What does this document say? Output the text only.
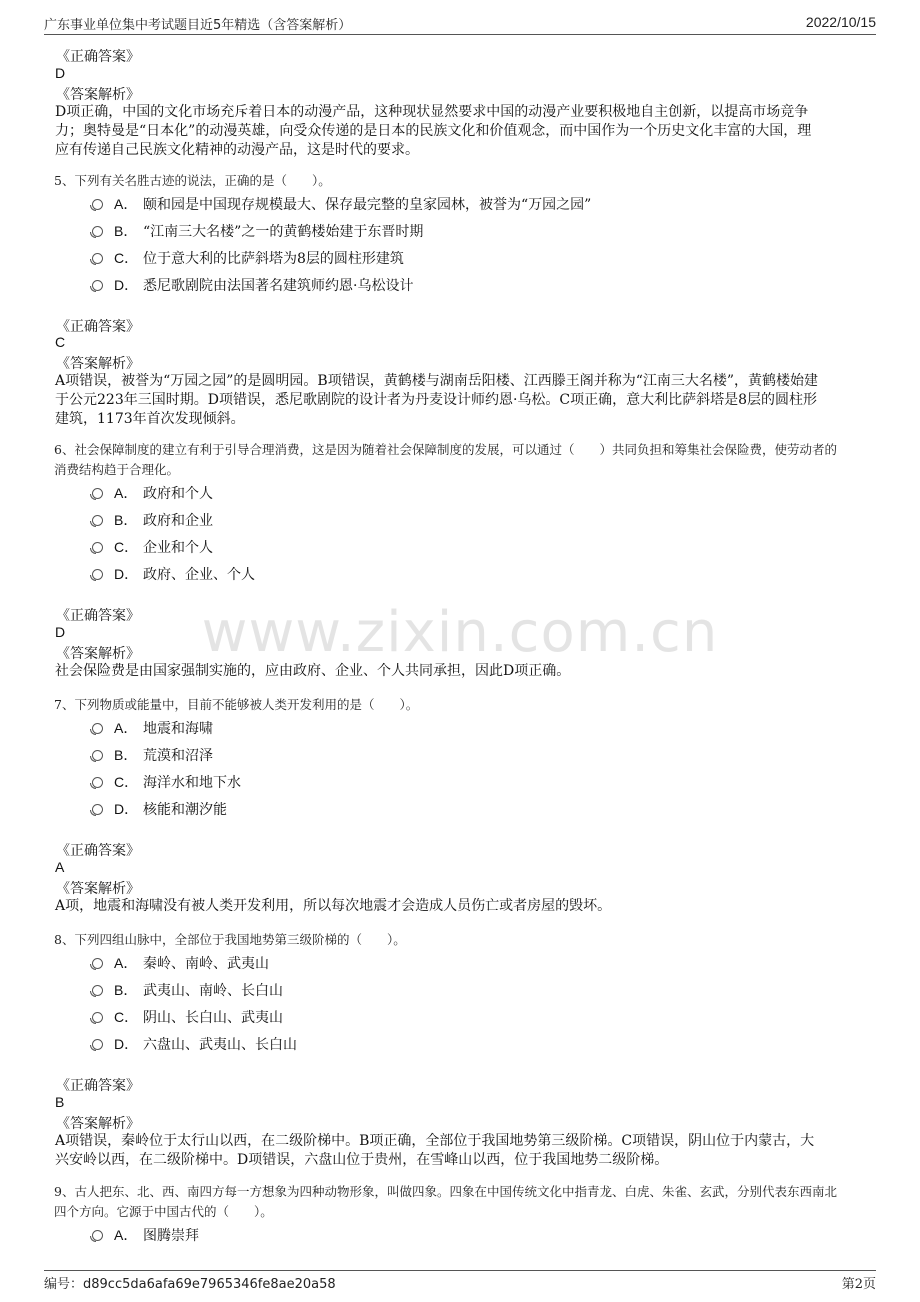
广东事业单位集中考试题目近5年精选（含答案解析）	2022/10/15
www.zixin.com.cn
《正确答案》
D
《答案解析》
D项正确，中国的文化市场充斥着日本的动漫产品，这种现状显然要求中国的动漫产业要积极地自主创新，以提高市场竞争
力；奥特曼是“日本化”的动漫英雄，向受众传递的是日本的民族文化和价值观念，而中国作为一个历史文化丰富的大国，理
应有传递自己民族文化精神的动漫产品，这是时代的要求。
5、下列有关名胜古迹的说法，正确的是（　　）。
A． 颐和园是中国现存规模最大、保存最完整的皇家园林，被誉为“万园之园”
B． “江南三大名楼”之一的黄鹤楼始建于东晋时期
C． 位于意大利的比萨斜塔为8层的圆柱形建筑
D． 悉尼歌剧院由法国著名建筑师约恩·乌松设计
《正确答案》
C
《答案解析》
A项错误，被誉为“万园之园”的是圆明园。B项错误，黄鹤楼与湖南岳阳楼、江西滕王阁并称为“江南三大名楼”，黄鹤楼始建
于公元223年三国时期。D项错误，悉尼歌剧院的设计者为丹麦设计师约恩·乌松。C项正确，意大利比萨斜塔是8层的圆柱形
建筑，1173年首次发现倾斜。
6、社会保障制度的建立有利于引导合理消费，这是因为随着社会保障制度的发展，可以通过（　　）共同负担和筹集社会保险费，使劳动者的
消费结构趋于合理化。
A． 政府和个人
B． 政府和企业
C． 企业和个人
D． 政府、企业、个人
《正确答案》
D
《答案解析》
社会保险费是由国家强制实施的，应由政府、企业、个人共同承担，因此D项正确。
7、下列物质或能量中，目前不能够被人类开发利用的是（　　）。
A． 地震和海啸
B． 荒漠和沼泽
C． 海洋水和地下水
D． 核能和潮汐能
《正确答案》
A
《答案解析》
A项，地震和海啸没有被人类开发利用，所以每次地震才会造成人员伤亡或者房屋的毁坏。
8、下列四组山脉中，全部位于我国地势第三级阶梯的（　　）。
A． 秦岭、南岭、武夷山
B． 武夷山、南岭、长白山
C． 阴山、长白山、武夷山
D． 六盘山、武夷山、长白山
《正确答案》
B
《答案解析》
A项错误，秦岭位于太行山以西，在二级阶梯中。B项正确，全部位于我国地势第三级阶梯。C项错误，阴山位于内蒙古，大
兴安岭以西，在二级阶梯中。D项错误，六盘山位于贵州，在雪峰山以西，位于我国地势二级阶梯。
9、古人把东、北、西、南四方每一方想象为四种动物形象，叫做四象。四象在中国传统文化中指青龙、白虎、朱雀、玄武，分别代表东西南北
四个方向。它源于中国古代的（　　）。
A． 图腾崇拜
编号：d89cc5da6afa69e7965346fe8ae20a58	第2页
